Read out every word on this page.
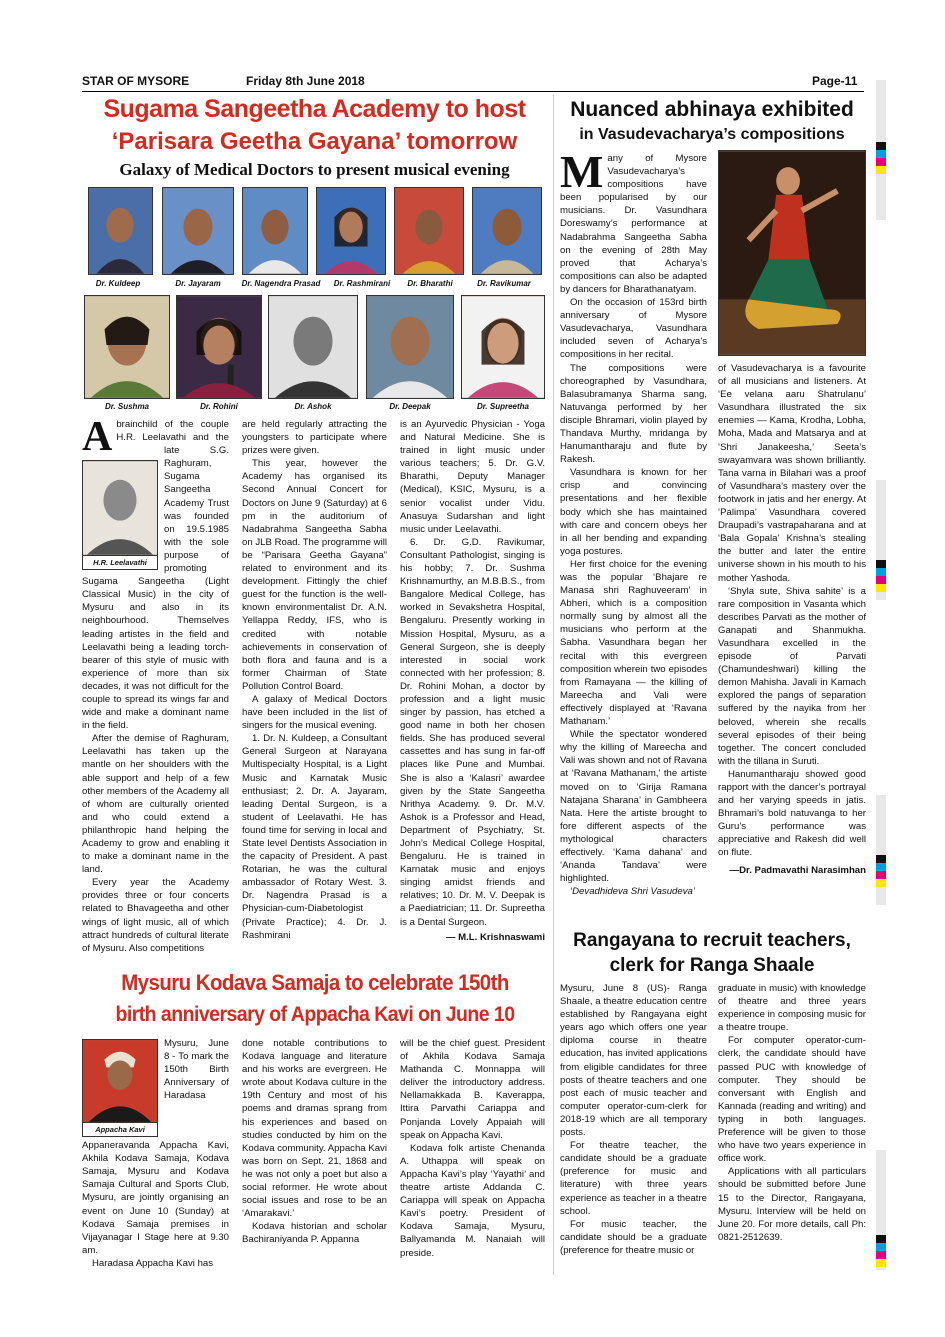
STAR OF MYSORE	Friday 8th June 2018	Page-11
Sugama Sangeetha Academy to host
‘Parisara Geetha Gayana’ tomorrow
Galaxy of Medical Doctors to present musical evening
Dr. Kuldeep	Dr. Jayaram	Dr. Nagendra Prasad	Dr. Rashmirani	Dr. Bharathi	Dr. Ravikumar
Dr. Sushma	Dr. Rohini	Dr. Ashok	Dr. Deepak	Dr. Supreetha
A
H.R. Leelavathi
brainchild of the couple H.R. Leelavathi and the late S.G. Raghuram, Sugama Sangeetha Academy Trust was founded on 19.5.1985 with the sole purpose of promoting Sugama Sangeetha (Light Classical Music) in the city of Mysuru and also in its neighbourhood. Themselves leading artistes in the field and Leelavathi being a leading torch-bearer of this style of music with experience of more than six decades, it was not difficult for the couple to spread its wings far and wide and make a dominant name in the field.

After the demise of Raghuram, Leelavathi has taken up the mantle on her shoulders with the able support and help of a few other members of the Academy all of whom are culturally oriented and who could extend a philanthropic hand helping the Academy to grow and enabling it to make a dominant name in the land.

Every year the Academy provides three or four concerts related to Bhavageetha and other wings of light music, all of which attract hundreds of cultural literate of Mysuru. Also competitions

are held regularly attracting the youngsters to participate where prizes were given.

This year, however the Academy has organised its Second Annual Concert for Doctors on June 9 (Saturday) at 6 pm in the auditorium of Nadabrahma Sangeetha Sabha on JLB Road. The programme will be “Parisara Geetha Gayana” related to environment and its development. Fittingly the chief guest for the function is the well-known environmentalist Dr. A.N. Yellappa Reddy, IFS, who is credited with notable achievements in conservation of both flora and fauna and is a former Chairman of State Pollution Control Board.

A galaxy of Medical Doctors have been included in the list of singers for the musical evening.

1. Dr. N. Kuldeep, a Consultant General Surgeon at Narayana Multispecialty Hospital, is a Light Music and Karnatak Music enthusiast; 2. Dr. A. Jayaram, leading Dental Surgeon, is a student of Leelavathi. He has found time for serving in local and State level Dentists Association in the capacity of President. A past Rotarian, he was the cultural ambassador of Rotary West. 3. Dr. Nagendra Prasad is a Physician-cum-Diabetologist (Private Practice); 4. Dr. J. Rashmirani

is an Ayurvedic Physician - Yoga and Natural Medicine. She is trained in light music under various teachers; 5. Dr. G.V. Bharathi, Deputy Manager (Medical), KSIC, Mysuru, is a senior vocalist under Vidu. Anasuya Sudarshan and light music under Leelavathi.

6. Dr. G.D. Ravikumar, Consultant Pathologist, singing is his hobby; 7. Dr. Sushma Krishnamurthy, an M.B.B.S., from Bangalore Medical College, has worked in Sevakshetra Hospital, Bengaluru. Presently working in Mission Hospital, Mysuru, as a General Surgeon, she is deeply interested in social work connected with her profession; 8. Dr. Rohini Mohan, a doctor by profession and a light music singer by passion, has etched a good name in both her chosen fields. She has produced several cassettes and has sung in far-off places like Pune and Mumbai. She is also a ‘Kalasri’ awardee given by the State Sangeetha Nrithya Academy. 9. Dr. M.V. Ashok is a Professor and Head, Department of Psychiatry, St. John’s Medical College Hospital, Bengaluru. He is trained in Karnatak music and enjoys singing amidst friends and relatives; 10. Dr. M. V. Deepak is a Paediatrician; 11. Dr. Supreetha is a Dental Surgeon.

— M.L. Krishnaswami
Nuanced abhinaya exhibited
in Vasudevacharya’s compositions
M any of Mysore Vasudevacharya’s compositions have been popularised by our musicians. Dr. Vasundhara Doreswamy’s performance at Nadabrahma Sangeetha Sabha on the evening of 28th May proved that Acharya’s compositions can also be adapted by dancers for Bharathanatyam.

On the occasion of 153rd birth anniversary of Mysore Vasudevacharya, Vasundhara included seven of Acharya’s compositions in her recital.

The compositions were choreographed by Vasundhara, Balasubramanya Sharma sang, Natuvanga performed by her disciple Bhramari, violin played by Thandava Murthy, mridanga by Hanumantharaju and flute by Rakesh.

Vasundhara is known for her crisp and convincing presentations and her flexible body which she has maintained with care and concern obeys her in all her bending and expanding yoga postures.

Her first choice for the evening was the popular ‘Bhajare re Manasa shri Raghuveeram’ in Abheri, which is a composition normally sung by almost all the musicians who perform at the Sabha. Vasundhara began her recital with this evergreen composition wherein two episodes from Ramayana — the killing of Mareecha and Vali were effectively displayed at ‘Ravana Mathanam.’

While the spectator wondered why the killing of Mareecha and Vali was shown and not of Ravana at ‘Ravana Mathanam,’ the artiste moved on to ‘Girija Ramana Natajana Sharana’ in Gambheera Nata. Here the artiste brought to fore different aspects of the mythological characters effectively. ‘Kama dahana’ and ‘Ananda Tandava’ were highlighted.

‘Devadhideva Shri Vasudeva’

of Vasudevacharya is a favourite of all musicians and listeners. At ‘Ee velana aaru Shatrulanu’ Vasundhara illustrated the six enemies — Kama, Krodha, Lobha, Moha, Mada and Matsarya and at ‘Shri Janakeesha,’ Seeta’s swayamvara was shown brilliantly. Tana varna in Bilahari was a proof of Vasundhara’s mastery over the footwork in jatis and her energy. At ‘Palimpa’ Vasundhara covered Draupadi’s vastrapaharana and at ‘Bala Gopala’ Krishna’s stealing the butter and later the entire universe shown in his mouth to his mother Yashoda.

‘Shyla sute, Shiva sahite’ is a rare composition in Vasanta which describes Parvati as the mother of Ganapati and Shanmukha. Vasundhara excelled in the episode of Parvati (Chamundeshwari) killing the demon Mahisha. Javali in Kamach explored the pangs of separation suffered by the nayika from her beloved, wherein she recalls several episodes of their being together. The concert concluded with the tillana in Suruti.

Hanumantharaju showed good rapport with the dancer’s portrayal and her varying speeds in jatis. Bhramari’s bold natuvanga to her Guru’s performance was appreciative and Rakesh did well on flute.

—Dr. Padmavathi Narasimhan
Mysuru Kodava Samaja to celebrate 150th
birth anniversary of Appacha Kavi on June 10
Appacha Kavi
Mysuru, June 8 - To mark the 150th Birth Anniversary of Haradasa Appaneravanda Appacha Kavi, Akhila Kodava Samaja, Kodava Samaja, Mysuru and Kodava Samaja Cultural and Sports Club, Mysuru, are jointly organising an event on June 10 (Sunday) at Kodava Samaja premises in Vijayanagar I Stage here at 9.30 am.

Haradasa Appacha Kavi has

done notable contributions to Kodava language and literature and his works are evergreen. He wrote about Kodava culture in the 19th Century and most of his poems and dramas sprang from his experiences and based on studies conducted by him on the Kodava community. Appacha Kavi was born on Sept. 21, 1868 and he was not only a poet but also a social reformer. He wrote about social issues and rose to be an ‘Amarakavi.’

Kodava historian and scholar Bachiraniyanda P. Appanna

will be the chief guest. President of Akhila Kodava Samaja Mathanda C. Monnappa will deliver the introductory address. Nellamakkada B. Kaverappa, Ittira Parvathi Cariappa and Ponjanda Lovely Appaiah will speak on Appacha Kavi.

Kodava folk artiste Chenanda A. Uthappa will speak on Appacha Kavi’s play ‘Yayathi’ and theatre artiste Addanda C. Cariappa will speak on Appacha Kavi’s poetry. President of Kodava Samaja, Mysuru, Ballyamanda M. Nanaiah will preside.

Rangayana to recruit teachers,
clerk for Ranga Shaale
Mysuru, June 8 (US)- Ranga Shaale, a theatre education centre established by Rangayana eight years ago which offers one year diploma course in theatre education, has invited applications from eligible candidates for three posts of theatre teachers and one post each of music teacher and computer operator-cum-clerk for 2018-19 which are all temporary posts.

For theatre teacher, the candidate should be a graduate (preference for music and literature) with three years experience as teacher in a theatre school.

For music teacher, the candidate should be a graduate (preference for theatre music or

graduate in music) with knowledge of theatre and three years experience in composing music for a theatre troupe.

For computer operator-cum-clerk, the candidate should have passed PUC with knowledge of computer. They should be conversant with English and Kannada (reading and writing) and typing in both languages. Preference will be given to those who have two years experience in office work.

Applications with all particulars should be submitted before June 15 to the Director, Rangayana, Mysuru. Interview will be held on June 20. For more details, call Ph: 0821-2512639.
